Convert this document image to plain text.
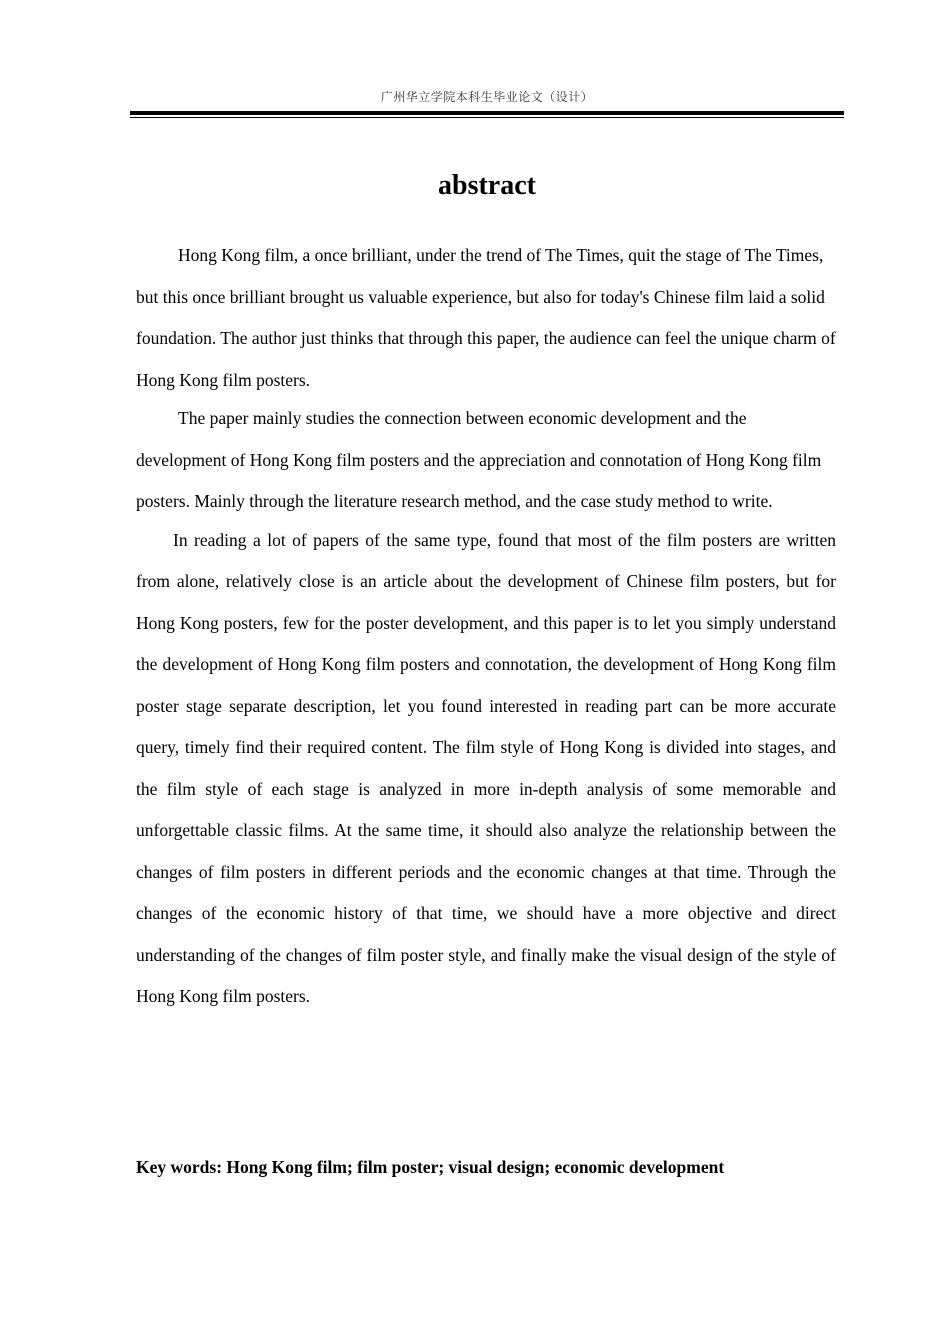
广州华立学院本科生毕业论文（设计）
abstract

Hong Kong film, a once brilliant, under the trend of The Times, quit the stage of The Times, but this once brilliant brought us valuable experience, but also for today's Chinese film laid a solid foundation. The author just thinks that through this paper, the audience can feel the unique charm of Hong Kong film posters.

The paper mainly studies the connection between economic development and the development of Hong Kong film posters and the appreciation and connotation of Hong Kong film posters. Mainly through the literature research method, and the case study method to write.

In reading a lot of papers of the same type, found that most of the film posters are written from alone, relatively close is an article about the development of Chinese film posters, but for Hong Kong posters, few for the poster development, and this paper is to let you simply understand the development of Hong Kong film posters and connotation, the development of Hong Kong film poster stage separate description, let you found interested in reading part can be more accurate query, timely find their required content. The film style of Hong Kong is divided into stages, and the film style of each stage is analyzed in more in-depth analysis of some memorable and unforgettable classic films. At the same time, it should also analyze the relationship between the changes of film posters in different periods and the economic changes at that time. Through the changes of the economic history of that time, we should have a more objective and direct understanding of the changes of film poster style, and finally make the visual design of the style of Hong Kong film posters.

Key words: Hong Kong film; film poster; visual design; economic development
